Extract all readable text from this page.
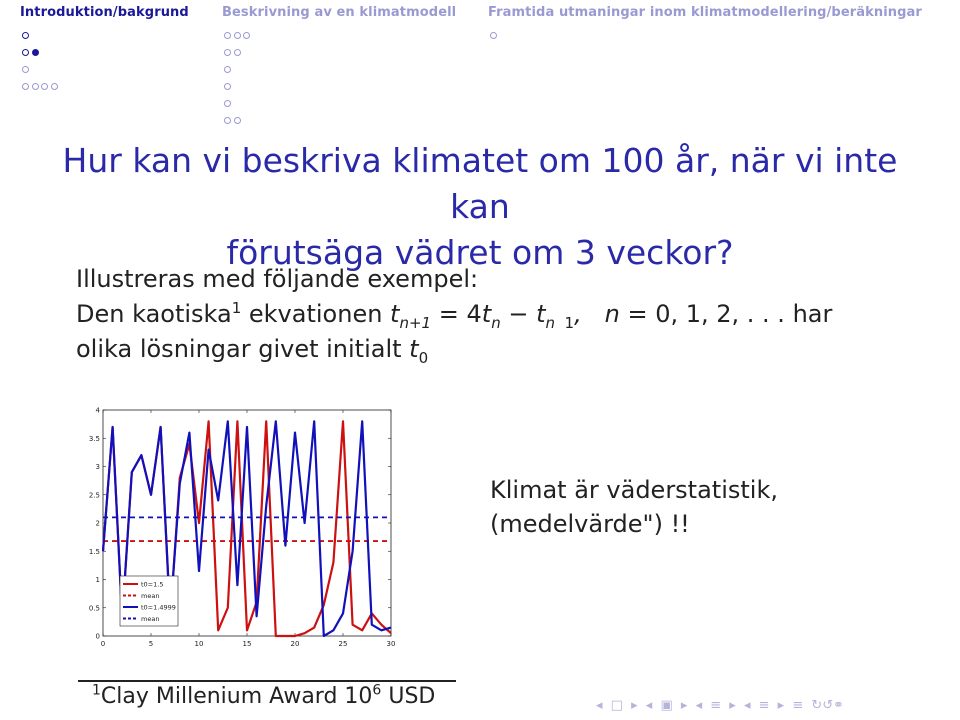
Introduktion/bakgrund	Beskrivning av en klimatmodell Framtida utmaningar inom klimatmodellering/beräkningar
Hur kan vi beskriva klimatet om 100 år, när vi inte kan
förutsäga vädret om 3 veckor?
Illustreras med följande exempel:
Den kaotiska$^1$ ekvationen $t_{n+1} = 4t_n - t_n$  $_1$,   n = 0, 1, 2, . . . har
olika lösningar givet initialt $t_0$
0	5	10	15	20	25	30
0
0.5
1
1.5
2
2.5
3
3.5
4
t0=1.5
mean
t0=1.4999
mean
Klimat är väderstatistik,
(medelvärde") !!
$^1$Clay Millenium Award $10^6$ USD	◂ □ ▸ ◂ ▣ ▸ ◂ ≡ ▸ ◂ ≡ ▸ ≡ ↻↺⚭
